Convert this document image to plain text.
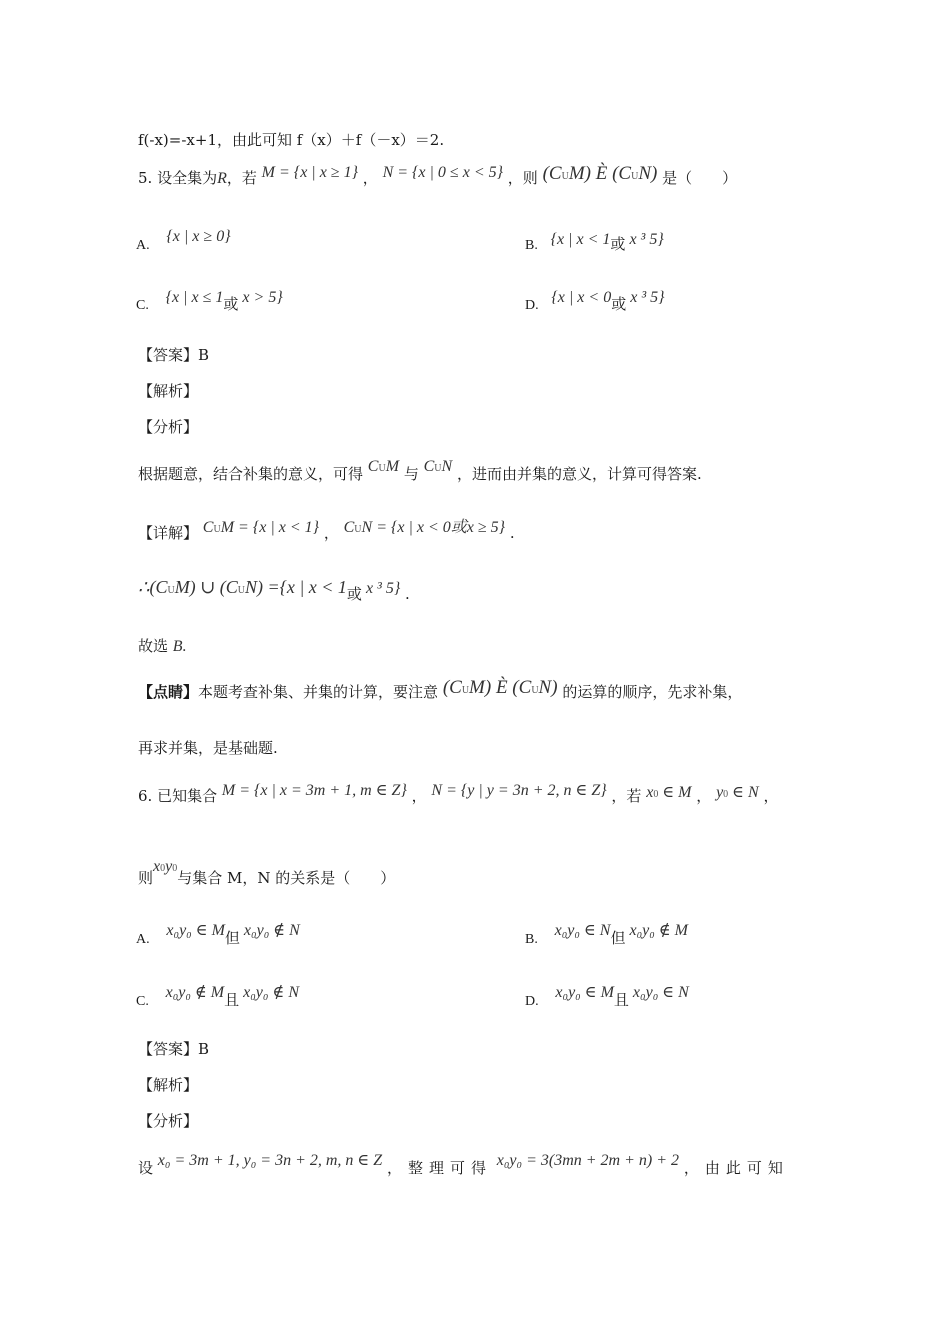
f(-x)=-x+1，由此可知 f（x）＋f（－x）＝2.
5. 设全集为R，若 M = {x | x ≥ 1} ， N = {x | 0 ≤ x < 5} ，则 (CUM) È (CUN) 是（　　）
A. {x | x ≥ 0}
B. {x | x < 1或 x ³ 5}
C. {x | x ≤ 1或 x > 5}	D. {x | x < 0或 x ³ 5}
【答案】B
【解析】
【分析】
根据题意，结合补集的意义，可得 CUM 与 CUN ，进而由并集的意义，计算可得答案.
【详解】 CUM = {x | x < 1} ， CUN = {x | x < 0或x ≥ 5} .
∴(CUM) ∪ (CUN) ={x | x < 1或 x ³ 5} .
故选 B.
【点睛】本题考查补集、并集的计算，要注意 (CUM) È (CUN) 的运算的顺序，先求补集，
再求并集，是基础题.
6. 已知集合 M = {x | x = 3m + 1, m ∈ Z} ， N = {y | y = 3n + 2, n ∈ Z} ，若 x0 ∈ M ， y0 ∈ N ，
则x0y0与集合 M，N 的关系是（　　）
A. x₀y₀ ∈ M但 x₀y₀ ∉ N
B. x₀y₀ ∈ N但 x₀y₀ ∉ M
C. x₀y₀ ∉ M且 x₀y₀ ∉ N
D. x₀y₀ ∈ M且 x₀y₀ ∈ N
【答案】B
【解析】
【分析】
设 x₀ = 3m + 1, y₀ = 3n + 2, m, n ∈ Z ，整理可得 x₀y₀ = 3(3mn + 2m + n) + 2 ，由此可知
